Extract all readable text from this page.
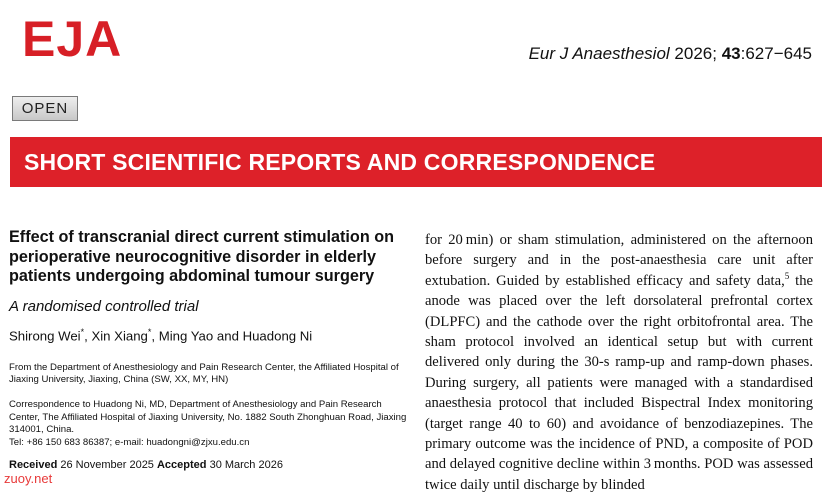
EJA	Eur J Anaesthesiol 2026; 43:627−645
OPEN
SHORT SCIENTIFIC REPORTS AND CORRESPONDENCE
Effect of transcranial direct current stimulation on perioperative neurocognitive disorder in elderly patients undergoing abdominal tumour surgery
A randomised controlled trial
Shirong Wei*, Xin Xiang*, Ming Yao and Huadong Ni
From the Department of Anesthesiology and Pain Research Center, the Affiliated Hospital of Jiaxing University, Jiaxing, China (SW, XX, MY, HN)
Correspondence to Huadong Ni, MD, Department of Anesthesiology and Pain Research Center, The Affiliated Hospital of Jiaxing University, No. 1882 South Zhonghuan Road, Jiaxing 314001, China.
Tel: +86 150 683 86387; e-mail: huadongni@zjxu.edu.cn
Received 26 November 2025 Accepted 30 March 2026
for 20 min) or sham stimulation, administered on the afternoon before surgery and in the post-anaesthesia care unit after extubation. Guided by established efficacy and safety data,$^5$ the anode was placed over the left dorsolateral prefrontal cortex (DLPFC) and the cathode over the right orbitofrontal area. The sham protocol involved an identical setup but with current delivered only during the 30-s ramp-up and ramp-down phases. During surgery, all patients were managed with a standardised anaesthesia protocol that included Bispectral Index monitoring (target range 40 to 60) and avoidance of benzodiazepines. The primary outcome was the incidence of PND, a composite of POD and delayed cognitive decline within 3 months. POD was assessed twice daily until discharge by blinded
zuoy.net
